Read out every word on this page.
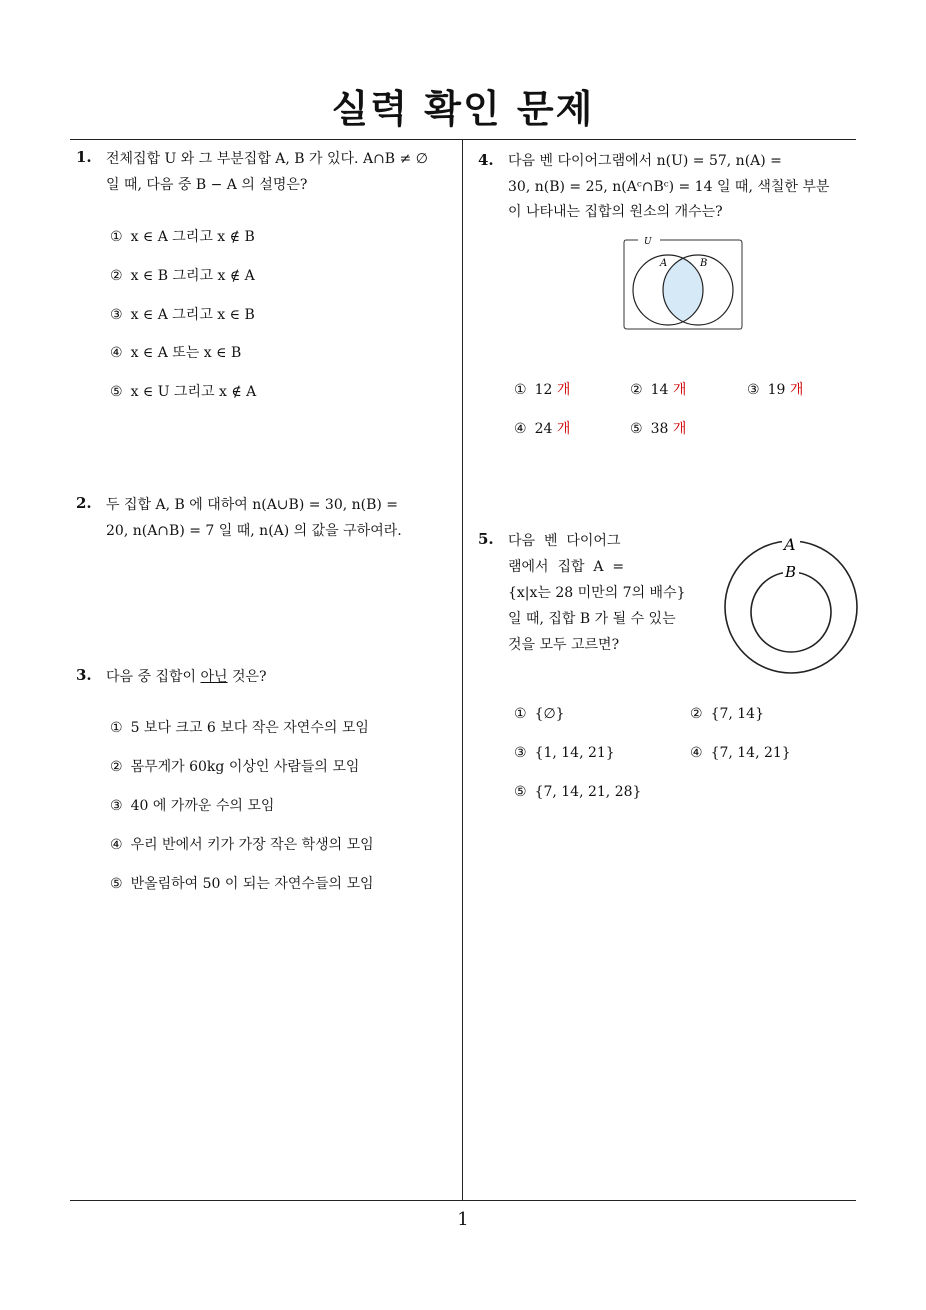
실력 확인 문제
1
1. 전체집합 U 와 그 부분집합 A, B 가 있다. A∩B ≠ ∅
일 때, 다음 중 B − A 의 설명은?
① x ∈ A 그리고 x ∉ B
② x ∈ B 그리고 x ∉ A
③ x ∈ A 그리고 x ∈ B
④ x ∈ A 또는 x ∈ B
⑤ x ∈ U 그리고 x ∉ A
2. 두 집합 A, B 에 대하여 n(A∪B) = 30, n(B) =
20, n(A∩B) = 7 일 때, n(A) 의 값을 구하여라.
3. 다음 중 집합이 아닌 것은?
① 5 보다 크고 6 보다 작은 자연수의 모임
② 몸무게가 60kg 이상인 사람들의 모임
③ 40 에 가까운 수의 모임
④ 우리 반에서 키가 가장 작은 학생의 모임
⑤ 반올림하여 50 이 되는 자연수들의 모임
4. 다음 벤 다이어그램에서 n(U) = 57, n(A) =
30, n(B) = 25, n(Aᶜ∩Bᶜ) = 14 일 때, 색칠한 부분
이 나타내는 집합의 원소의 개수는?
U
A	B
① 12 개	② 14 개	③ 19 개
④ 24 개	⑤ 38 개
5. 다음  벤  다이어그
램에서  집합  A  =
{x|x는 28 미만의 7의 배수}
일 때, 집합 B 가 될 수 있는
것을 모두 고르면?
A
B
① {∅}	② {7, 14}
③ {1, 14, 21}	④ {7, 14, 21}
⑤ {7, 14, 21, 28}
